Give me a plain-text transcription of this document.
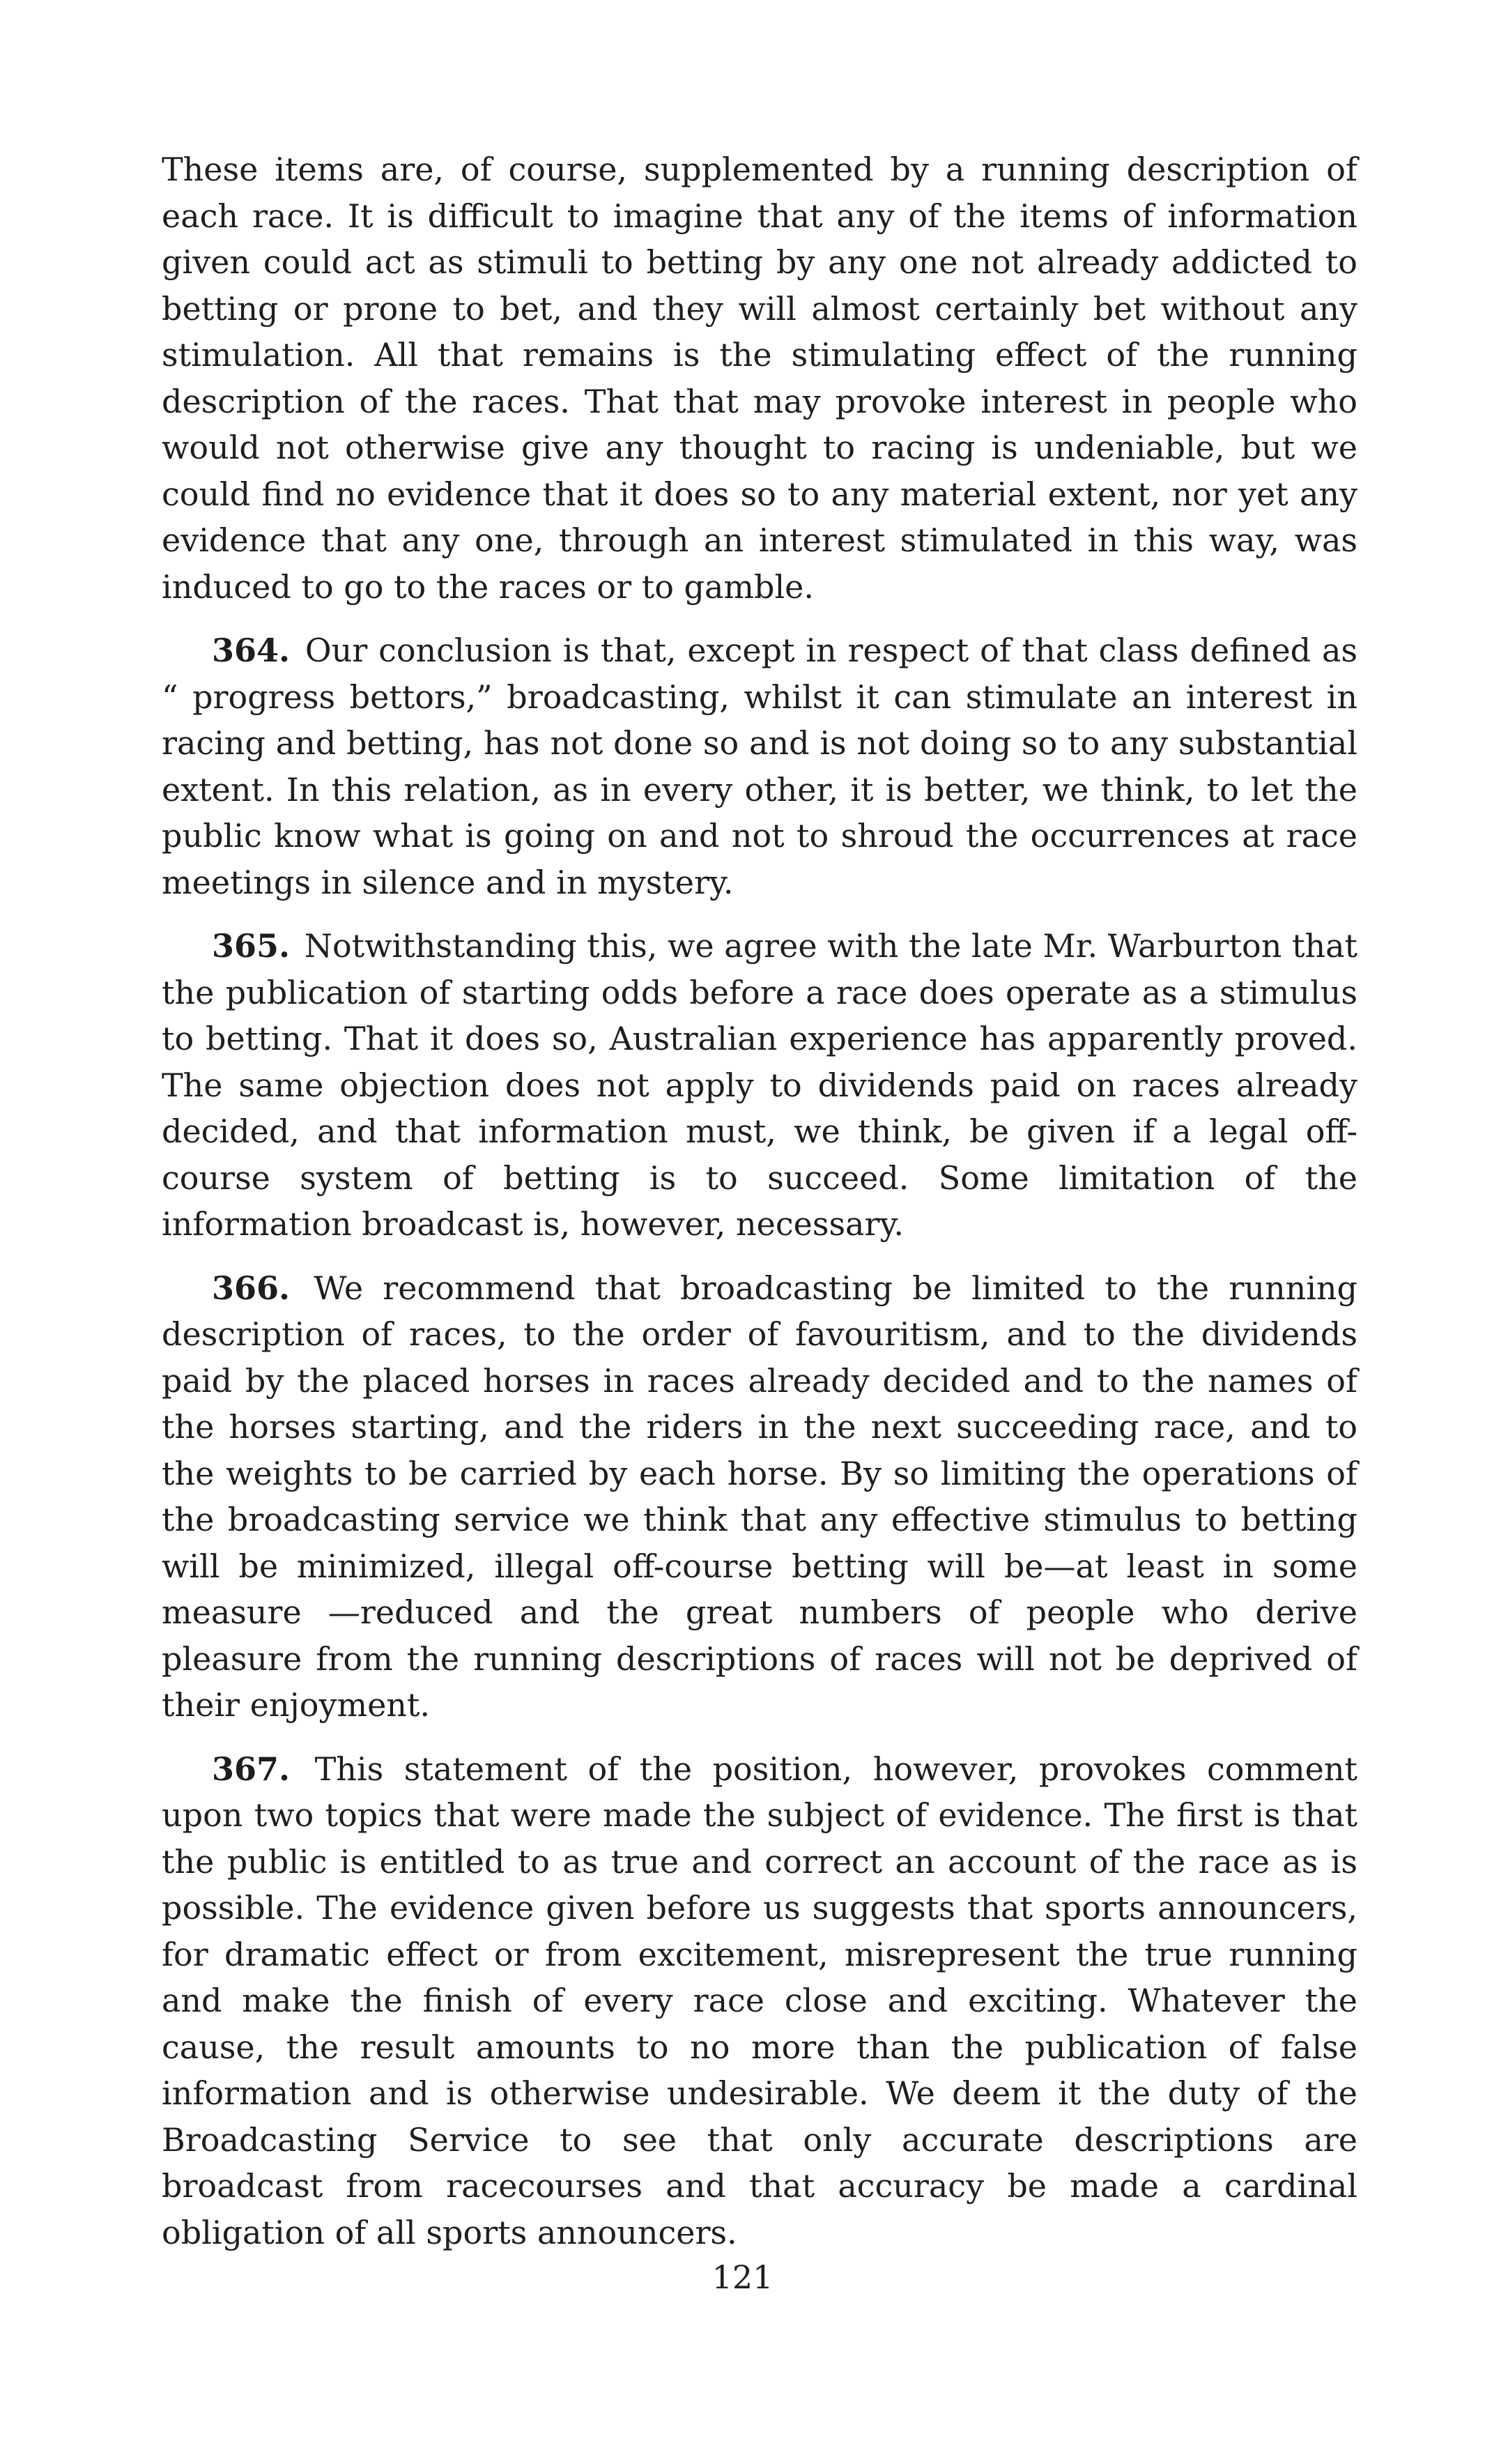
These items are, of course, supplemented by a running description of each race. It is difficult to imagine that any of the items of information given could act as stimuli to betting by any one not already addicted to betting or prone to bet, and they will almost certainly bet without any stimulation. All that remains is the stimulating effect of the running description of the races. That that may provoke interest in people who would not otherwise give any thought to racing is undeniable, but we could find no evidence that it does so to any material extent, nor yet any evidence that any one, through an interest stimulated in this way, was induced to go to the races or to gamble.

364. Our conclusion is that, except in respect of that class defined as “ progress bettors,” broadcasting, whilst it can stimulate an interest in racing and betting, has not done so and is not doing so to any substantial extent. In this relation, as in every other, it is better, we think, to let the public know what is going on and not to shroud the occurrences at race meetings in silence and in mystery.

365. Notwithstanding this, we agree with the late Mr. Warburton that the publication of starting odds before a race does operate as a stimulus to betting. That it does so, Australian experience has apparently proved. The same objection does not apply to dividends paid on races already decided, and that information must, we think, be given if a legal off-course system of betting is to succeed. Some limitation of the information broadcast is, however, necessary.

366. We recommend that broadcasting be limited to the running description of races, to the order of favouritism, and to the dividends paid by the placed horses in races already decided and to the names of the horses starting, and the riders in the next succeeding race, and to the weights to be carried by each horse. By so limiting the operations of the broadcasting service we think that any effective stimulus to betting will be minimized, illegal off-course betting will be—at least in some measure —reduced and the great numbers of people who derive pleasure from the running descriptions of races will not be deprived of their enjoyment.

367. This statement of the position, however, provokes comment upon two topics that were made the subject of evidence. The first is that the public is entitled to as true and correct an account of the race as is possible. The evidence given before us suggests that sports announcers, for dramatic effect or from excitement, misrepresent the true running and make the finish of every race close and exciting. Whatever the cause, the result amounts to no more than the publication of false information and is otherwise undesirable. We deem it the duty of the Broadcasting Service to see that only accurate descriptions are broadcast from racecourses and that accuracy be made a cardinal obligation of all sports announcers.

121
